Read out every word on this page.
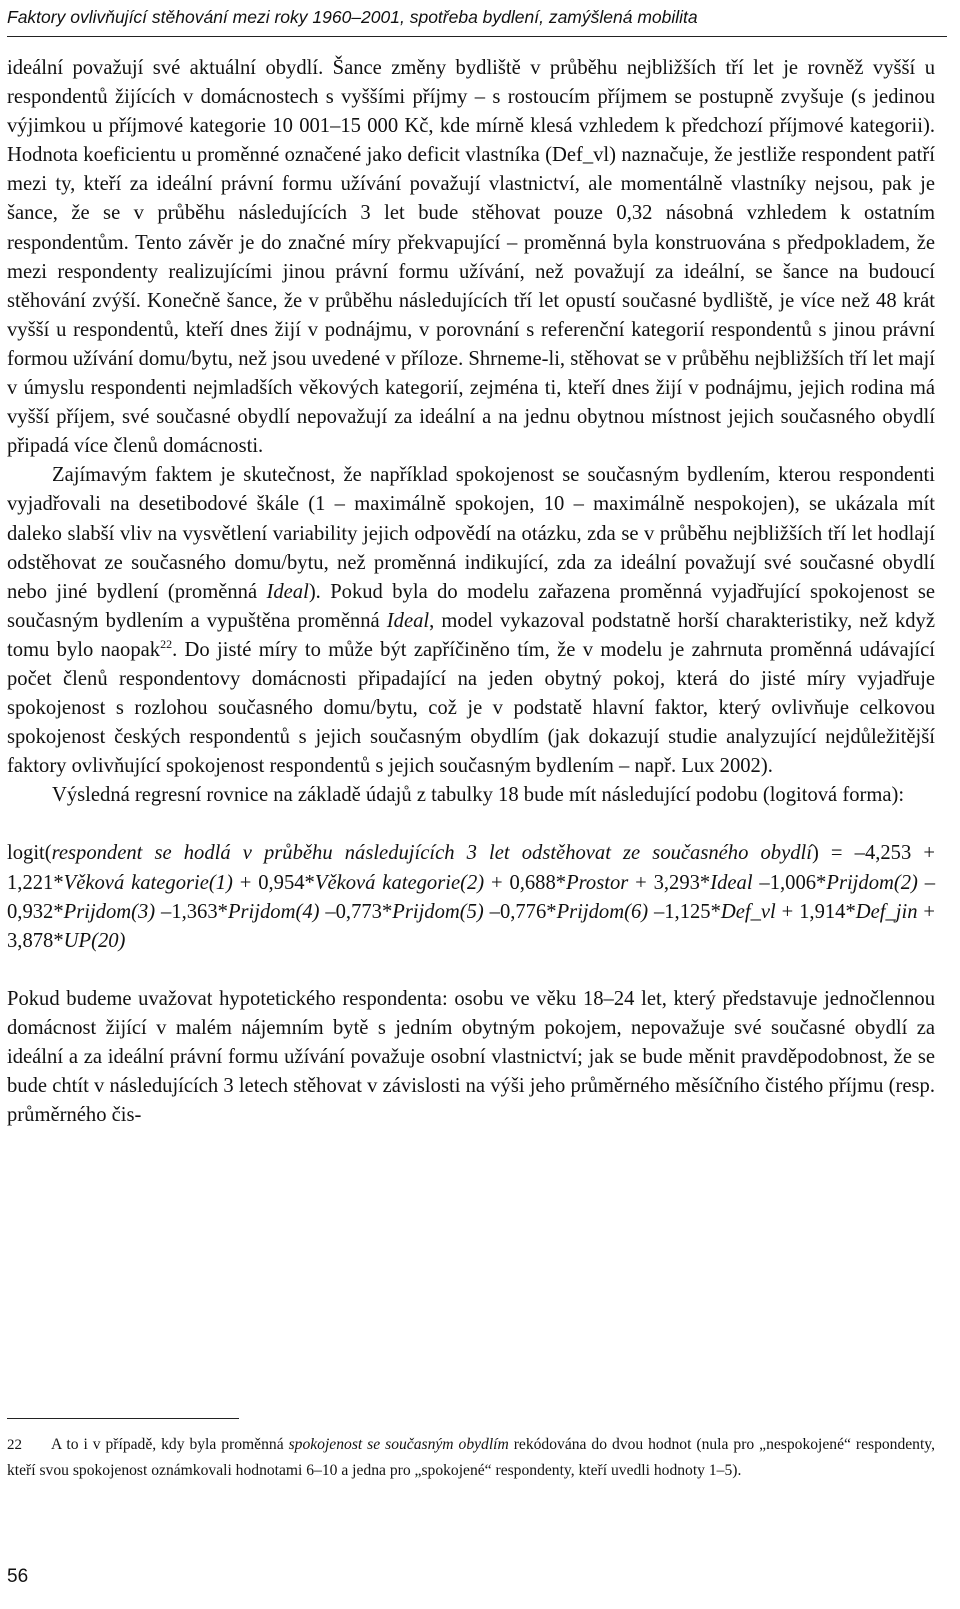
Faktory ovlivňující stěhování mezi roky 1960–2001, spotřeba bydlení, zamýšlená mobilita

ideální považují své aktuální obydlí. Šance změny bydliště v průběhu nejbližších tří let je rovněž vyšší u respondentů žijících v domácnostech s vyššími příjmy – s rostoucím příjmem se postupně zvyšuje (s jedinou výjimkou u příjmové kategorie 10 001–15 000 Kč, kde mírně klesá vzhledem k předchozí příjmové kategorii). Hodnota koeficientu u proměnné označené jako deficit vlastníka (Def_vl) naznačuje, že jestliže respondent patří mezi ty, kteří za ideální právní formu užívání považují vlastnictví, ale momentálně vlastníky nejsou, pak je šance, že se v průběhu následujících 3 let bude stěhovat pouze 0,32 násobná vzhledem k ostatním respondentům. Tento závěr je do značné míry překvapující – proměnná byla konstruována s předpokladem, že mezi respondenty realizujícími jinou právní formu užívání, než považují za ideální, se šance na budoucí stěhování zvýší. Konečně šance, že v průběhu následujících tří let opustí současné bydliště, je více než 48 krát vyšší u respondentů, kteří dnes žijí v podnájmu, v porovnání s referenční kategorií respondentů s jinou právní formou užívání domu/bytu, než jsou uvedené v příloze. Shrneme-li, stěhovat se v průběhu nejbližších tří let mají v úmyslu respondenti nejmladších věkových kategorií, zejména ti, kteří dnes žijí v podnájmu, jejich rodina má vyšší příjem, své současné obydlí nepovažují za ideální a na jednu obytnou místnost jejich současného obydlí připadá více členů domácnosti.

Zajímavým faktem je skutečnost, že například spokojenost se současným bydlením, kterou respondenti vyjadřovali na desetibodové škále (1 – maximálně spokojen, 10 – maximálně nespokojen), se ukázala mít daleko slabší vliv na vysvětlení variability jejich odpovědí na otázku, zda se v průběhu nejbližších tří let hodlají odstěhovat ze současného domu/bytu, než proměnná indikující, zda za ideální považují své současné obydlí nebo jiné bydlení (proměnná Ideal). Pokud byla do modelu zařazena proměnná vyjadřující spokojenost se současným bydlením a vypuštěna proměnná Ideal, model vykazoval podstatně horší charakteristiky, než když tomu bylo naopak$^{22}$. Do jisté míry to může být zapříčiněno tím, že v modelu je zahrnuta proměnná udávající počet členů respondentovy domácnosti připadající na jeden obytný pokoj, která do jisté míry vyjadřuje spokojenost s rozlohou současného domu/bytu, což je v podstatě hlavní faktor, který ovlivňuje celkovou spokojenost českých respondentů s jejich současným obydlím (jak dokazují studie analyzující nejdůležitější faktory ovlivňující spokojenost respondentů s jejich současným bydlením – např. Lux 2002).

Výsledná regresní rovnice na základě údajů z tabulky 18 bude mít následující podobu (logitová forma):

logit(respondent se hodlá v průběhu následujících 3 let odstěhovat ze současného obydlí) = –4,253 + 1,221*Věková kategorie(1) + 0,954*Věková kategorie(2) + 0,688*Prostor + 3,293*Ideal –1,006*Prijdom(2) –0,932*Prijdom(3) –1,363*Prijdom(4) –0,773*Prijdom(5) –0,776*Prijdom(6) –1,125*Def_vl + 1,914*Def_jin + 3,878*UP(20)

Pokud budeme uvažovat hypotetického respondenta: osobu ve věku 18–24 let, který představuje jednočlennou domácnost žijící v malém nájemním bytě s jedním obytným pokojem, nepovažuje své současné obydlí za ideální a za ideální právní formu užívání považuje osobní vlastnictví; jak se bude měnit pravděpodobnost, že se bude chtít v následujících 3 letech stěhovat v závislosti na výši jeho průměrného měsíčního čistého příjmu (resp. průměrného čis-

22 A to i v případě, kdy byla proměnná spokojenost se současným obydlím rekódována do dvou hodnot (nula pro „nespokojené“ respondenty, kteří svou spokojenost oznámkovali hodnotami 6–10 a jedna pro „spokojené“ respondenty, kteří uvedli hodnoty 1–5).
56
